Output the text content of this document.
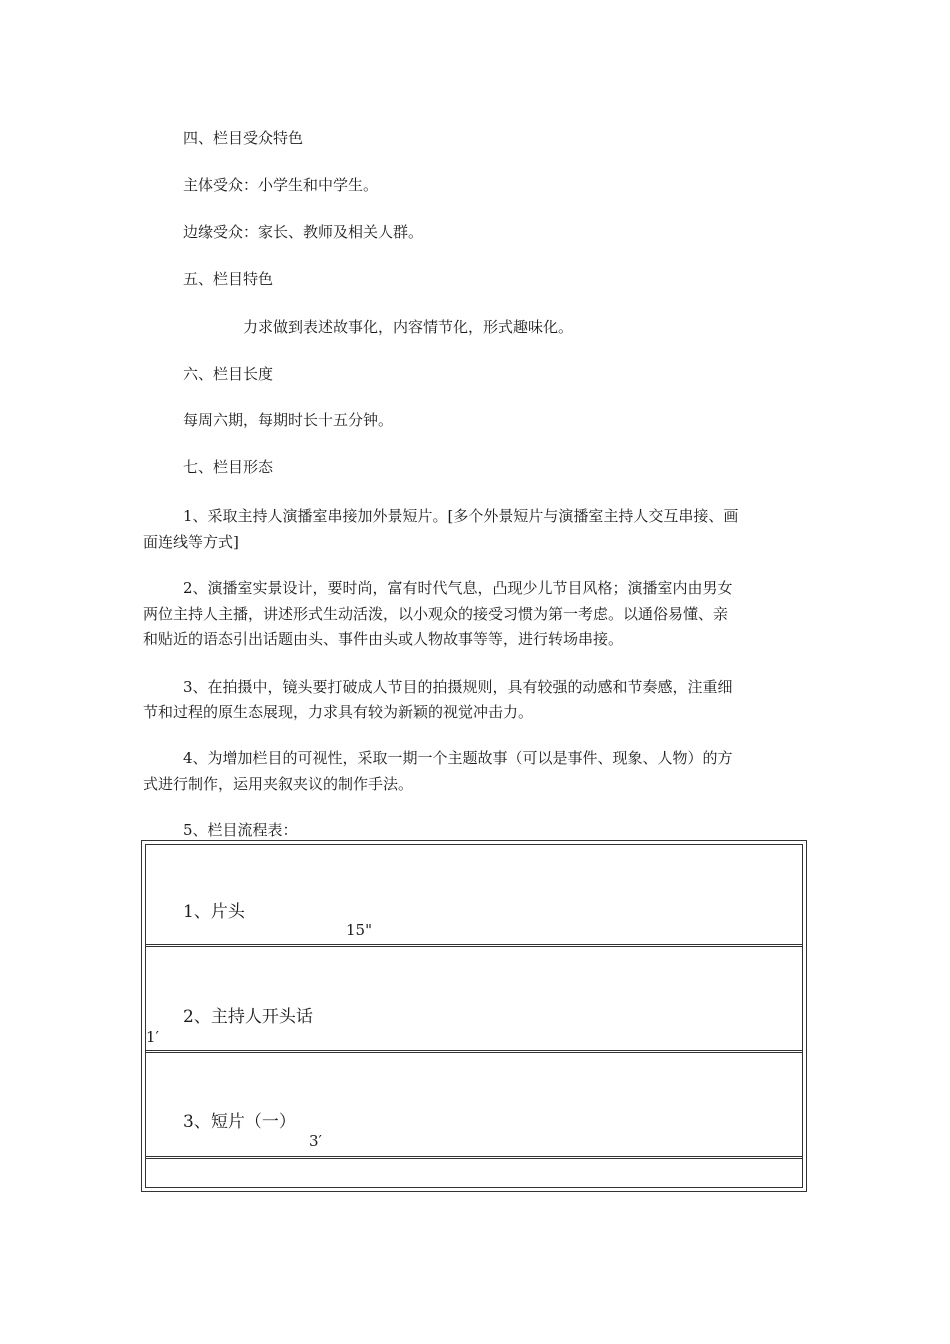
四、栏目受众特色

主体受众：小学生和中学生。

边缘受众：家长、教师及相关人群。

五、栏目特色

力求做到表述故事化，内容情节化，形式趣味化。

六、栏目长度

每周六期，每期时长十五分钟。

七、栏目形态

1、采取主持人演播室串接加外景短片。[多个外景短片与演播室主持人交互串接、画

面连线等方式]

2、演播室实景设计，要时尚，富有时代气息，凸现少儿节目风格；演播室内由男女

两位主持人主播，讲述形式生动活泼，以小观众的接受习惯为第一考虑。以通俗易懂、亲

和贴近的语态引出话题由头、事件由头或人物故事等等，进行转场串接。

3、在拍摄中，镜头要打破成人节目的拍摄规则，具有较强的动感和节奏感，注重细

节和过程的原生态展现，力求具有较为新颖的视觉冲击力。

4、为增加栏目的可视性，采取一期一个主题故事（可以是事件、现象、人物）的方

式进行制作，运用夹叙夹议的制作手法。

5、栏目流程表：

1、片头
15"
2、主持人开头话
1′
3、短片（一）
3′
